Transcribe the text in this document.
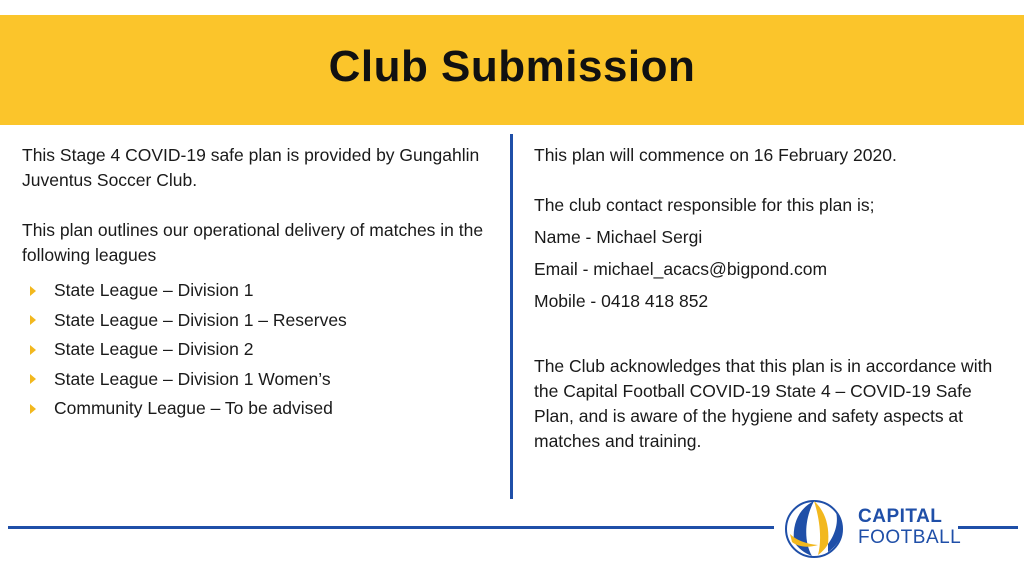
Club Submission

This Stage 4 COVID-19 safe plan is provided by Gungahlin Juventus Soccer Club.

This plan outlines our operational delivery of matches in the following leagues

State League – Division 1
State League – Division 1 – Reserves
State League – Division 2
State League – Division 1 Women’s
Community League – To be advised

This plan will commence on 16 February 2020.

The club contact responsible for this plan is;

Name - Michael Sergi

Email - michael_acacs@bigpond.com

Mobile - 0418 418 852

The Club acknowledges that this plan is in accordance with the Capital Football COVID-19 State 4 – COVID-19 Safe Plan, and is aware of the hygiene and safety aspects at matches and training.

CAPITAL
FOOTBALL
